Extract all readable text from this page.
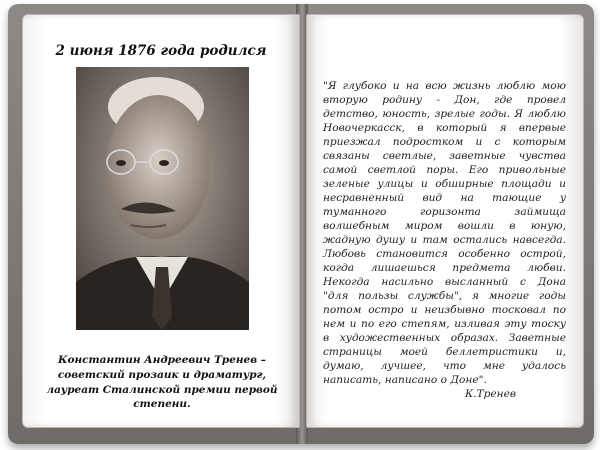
2 июня 1876 года родился
Константин Андреевич Тренев –
советский прозаик и драматург,
лауреат Сталинской премии первой
степени.
"Я глубоко и на всю жизнь люблю мою
вторую родину - Дон, где провел
детство, юность, зрелые годы. Я люблю
Новочеркасск, в который я впервые
приезжал подростком и с которым
связаны светлые, заветные чувства
самой светлой поры. Его привольные
зеленые улицы и обширные площади и
несравненный вид на тающие у
туманного горизонта займища
волшебным миром вошли в юную,
жадную душу и там остались навсегда.
Любовь становится особенно острой,
когда лишаешься предмета любви.
Некогда насильно высланный с Дона
"для пользы службы", я многие годы
потом остро и неизбывно тосковал по
нем и по его степям, изливая эту тоску
в художественных образах. Заветные
страницы моей беллетристики и,
думаю, лучшее, что мне удалось
написать, написано о Доне".
К.Тренев
